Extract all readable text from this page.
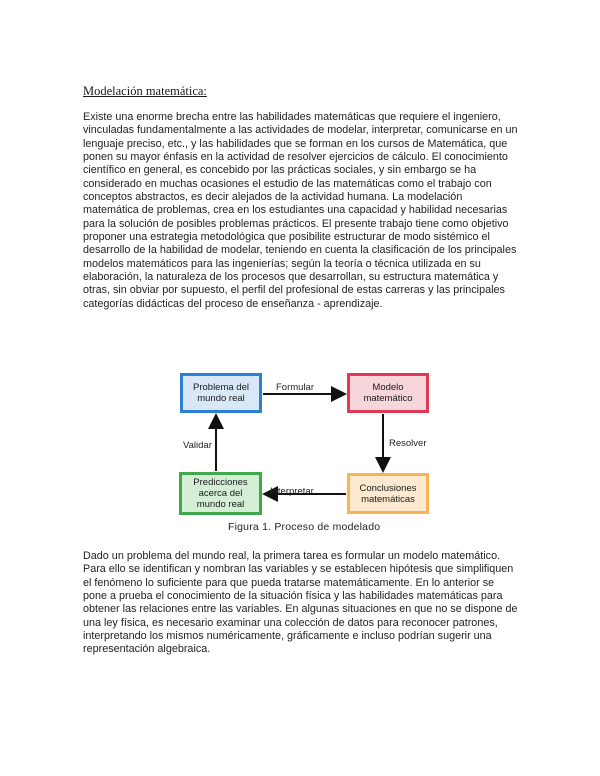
Modelación matemática:

Existe una enorme brecha entre las habilidades matemáticas que requiere el ingeniero, vinculadas fundamentalmente a las actividades de modelar, interpretar, comunicarse en un lenguaje preciso, etc., y las habilidades que se forman en los cursos de Matemática, que ponen su mayor énfasis en la actividad de resolver ejercicios de cálculo. El conocimiento científico en general, es concebido por las prácticas sociales, y sin embargo se ha considerado en muchas ocasiones el estudio de las matemáticas como el trabajo con conceptos abstractos, es decir alejados de la actividad humana. La modelación matemática de problemas, crea en los estudiantes una capacidad y habilidad necesarias para la solución de posibles problemas prácticos. El presente trabajo tiene como objetivo proponer una estrategia metodológica que posibilite estructurar de modo sistémico el desarrollo de la habilidad de modelar, teniendo en cuenta la clasificación de los principales modelos matemáticos para las ingenierías; según la teoría o técnica utilizada en su elaboración, la naturaleza de los procesos que desarrollan, su estructura matemática y otras, sin obviar por supuesto, el perfil del profesional de estas carreras y las principales categorías didácticas del proceso de enseñanza - aprendizaje.

Problema del mundo real
Modelo matemático
Conclusiones matemáticas
Predicciones acerca del mundo real
Formular
Resolver
Interpretar
Validar
Figura 1. Proceso de modelado

Dado un problema del mundo real, la primera tarea es formular un modelo matemático. Para ello se identifican y nombran las variables y se establecen hipótesis que simplifiquen el fenómeno lo suficiente para que pueda tratarse matemáticamente. En lo anterior se pone a prueba el conocimiento de la situación física y las habilidades matemáticas para obtener las relaciones entre las variables. En algunas situaciones en que no se dispone de una ley física, es necesario examinar una colección de datos para reconocer patrones, interpretando los mismos numéricamente, gráficamente e incluso podrían sugerir una representación algebraica.
